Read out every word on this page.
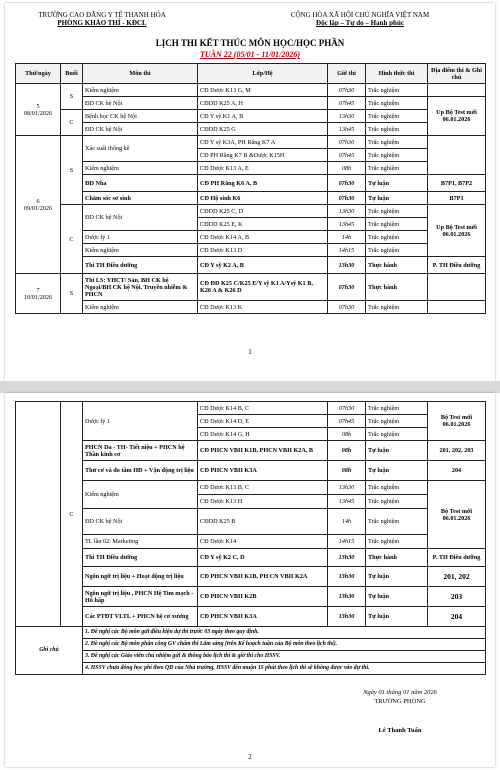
TRƯỜNG CAO ĐẲNG Y TẾ THANH HÓA
PHÒNG KHẢO THÍ - KĐCL
CỘNG HÒA XÃ HỘI CHỦ NGHĨA VIỆT NAM
Độc lập – Tự do – Hạnh phúc
LỊCH THI KẾT THÚC MÔN HỌC/HỌC PHẦN
TUẦN 22 (05/01 - 11/01/2026)
Thứ/ngày	Buổi	Môn thi	Lớp/Hệ	Giờ thi	Hình thức thi	Địa điểm thi & Ghi chú

5
08/01/2026	S	Kiểm nghiệm	CĐ Dược K13 G, M	07h30	Trắc nghiệm	
		ĐD CK hệ Nội	CĐDD K25 A, H	07h45	Trắc nghiệm	Up Bộ Test mới 06.01.2026
	C	Bệnh học CK hệ Nội	CĐ Y sỹ K1 A, B	13h30	Trắc nghiệm	
		ĐD CK hệ Nội	CĐDD K25 G	13h45	Trắc nghiệm	

6
09/01/2026	S	Xác suất thống kê	CĐ Y sỹ K3A, PH Răng K7 A	07h30	Trắc nghiệm	
			CĐ PH Răng K7 B &Dược K15H	07h45	Trắc nghiệm	
		Kiểm nghiệm	CĐ Dược K13 A, E	08h	Trắc nghiệm	
		ĐD Nha	CĐ PH Răng K6 A, B	07h30	Tự luận	B7P1, B7P2
		Chăm sóc sơ sinh	CĐ Hộ sinh K6	07h30	Tự luận	B7P1
	C	ĐD CK hệ Nội	CĐDD K25 C, D	13h30	Trắc nghiệm	Up Bộ Test mới 06.01.2026
			CĐDD K25 E, K	13h45	Trắc nghiệm	
		Dược lý 1	CĐ Dược K14 A, B	14h	Trắc nghiệm	
		Kiểm nghiệm	CĐ Dược K13 D	14h15	Trắc nghiệm	
		Thi TH Điều dưỡng	CĐ Y sỹ K2 A, B	13h30	Thực hành	P. TH Điều dưỡng

7
10/01/2026	S	Thi LS: YHCT/ Sản, BH CK hệ Ngoại/BH CK hệ Nội, Truyền nhiễm & PHCN	CĐ ĐD K25 C/K25 E/Y sỹ K1 A/Ysỹ K1 B, K26 A & K26 D	07h30	Thực hành	
		Kiểm nghiệm	CĐ Dược K13 K	07h30	Trắc nghiệm	
1
	C	Dược lý 1	CĐ Dược K14 B, C	07h30	Trắc nghiệm	Bộ Test mới 06.01.2026
			CĐ Dược K14 D, E	07h45	Trắc nghiệm	
			CĐ Dược K14 G, H	08h	Trắc nghiệm	
		PHCN Da - TH- Tiết niệu + PHCN hệ Thần kinh cơ	CĐ PHCN VBII K1B, PHCN VBII K2A, B	08h	Tự luận	201, 202, 203
		Thử cơ và đo tầm HĐ + Vận động trị liệu	CĐ PHCN VBII K3A	08h	Tự luận	204
		Kiểm nghiệm	CĐ Dược K13 B, C	13h30	Trắc nghiệm	Bộ Test mới 06.01.2026
			CĐ Dược K13 H	13h45	Trắc nghiệm	
		ĐD CK hệ Nội	CĐDD K25 B	14h	Trắc nghiệm	
		TL lần 02: Marketing	CĐ Dược K14	14h15	Trắc nghiệm	
		Thi TH Điều dưỡng	CĐ Y sỹ K2 C, D	13h30	Thực hành	P. TH Điều dưỡng
		Ngôn ngữ trị liệu + Hoạt động trị liệu	CĐ PHCN VBII K1B, PH CN VBII K2A	13h30	Tự luận	201, 202
		Ngôn ngữ trị liệu , PHCN Hệ Tim mạch - Hô hấp	CĐ PHCN VBII K2B	13h30	Tự luận	203
		Các PTĐT VLTL + PHCN hệ cơ xương	CĐ PHCN VBII K3A	13h30	Tự luận	204
Ghi chú		1. Đề nghị các Bộ môn gửi điều kiện dự thi trước 03 ngày theo quy định.				
		2. Đề nghị các Bộ môn phân công GV chấm thi Lâm sàng (trên Kế hoạch tuần của Bộ môn theo lịch thi).				
		3. Đề nghị các Giáo viên chủ nhiệm gửi & thông báo lịch thi & giờ thi cho HSSV.				
		4. HSSV chưa đóng học phí theo QĐ của Nhà trường, HSSV đến muộn 15 phút theo lịch thi sẽ không được vào dự thi.				
Ngày 01 tháng 01 năm 2026
TRƯỞNG PHÒNG
Lê Thanh Tuấn
2
